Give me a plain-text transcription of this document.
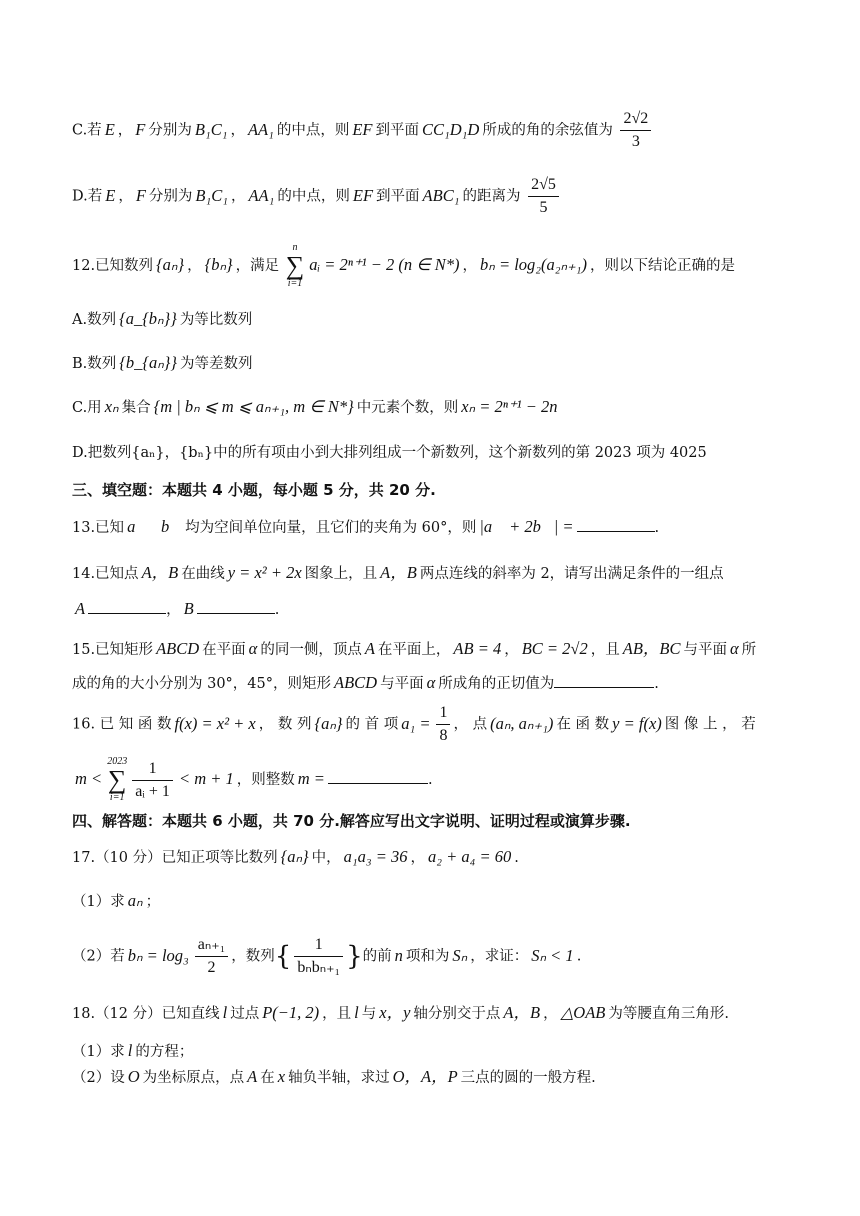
C.若 E ， F 分别为 B₁C₁ ， AA₁ 的中点，则 EF 到平面 CC₁D₁D 所成的角的余弦值为 $\frac{2√2}{3}$
D.若 E ， F 分别为 B₁C₁ ， AA₁ 的中点，则 EF 到平面 ABC₁ 的距离为 $\frac{2√5}{5}$
12.已知数列 {aₙ} ， {bₙ} ，满足
n
∑
i=1
aᵢ = 2ⁿ⁺¹ − 2 (n ∈ N*) ， bₙ = log₂(a₂ₙ₊₁) ，则以下结论正确的是
A.数列 {a_{bₙ}} 为等比数列
B.数列 {b_{aₙ}} 为等差数列
C.用 xₙ 集合 {m | bₙ ⩽ m ⩽ aₙ₊₁, m ∈ N*} 中元素个数，则 xₙ = 2ⁿ⁺¹ − 2n
D.把数列{aₙ}，{bₙ}中的所有项由小到大排列组成一个新数列，这个新数列的第 2023 项为 4025
三、填空题：本题共 4 小题，每小题 5 分，共 20 分.
13.已知 a⃗，b⃗ 均为空间单位向量，且它们的夹角为 60°，则 |a⃗ + 2b⃗| =	.
14.已知点 A，B 在曲线 y = x² + 2x 图象上，且 A，B 两点连线的斜率为 2，请写出满足条件的一组点
A	， B	.
15.已知矩形 ABCD 在平面 α 的同一侧，顶点 A 在平面上， AB = 4 ， BC = 2√2 ，且 AB，BC 与平面 α 所
成的角的大小分别为 30°，45°，则矩形 ABCD 与平面 α 所成角的正切值为	.
16. 已 知 函 数 f(x) = x² + x ， 数 列 {aₙ} 的 首 项 $a_1 = \frac{1}{8}$ ， 点 (aₙ, aₙ₊₁) 在 函 数 y = f(x) 图 像 上 ， 若
m <
2023
∑
$i=1 \frac{1}{\text{aᵢ + 1}} < m + 1$ ，则整数 m =	.
四、解答题：本题共 6 小题，共 70 分.解答应写出文字说明、证明过程或演算步骤.
17.（10 分）已知正项等比数列 {aₙ} 中， a₁a₃ = 36 ， a₂ + a₄ = 60 .
（1）求 aₙ ；
（2）若 $b_n = \log_3 \frac{\text{aₙ₊₁}}{2}$ ，数列{ $\frac{1}{\text{bₙbₙ₊₁}}$ }的前 n 项和为 Sₙ ，求证： Sₙ < 1 .
18.（12 分）已知直线 l 过点 P(−1, 2) ，且 l 与 x，y 轴分别交于点 A，B ， △OAB 为等腰直角三角形.
（1）求 l 的方程；
（2）设 O 为坐标原点，点 A 在 x 轴负半轴，求过 O，A，P 三点的圆的一般方程.
